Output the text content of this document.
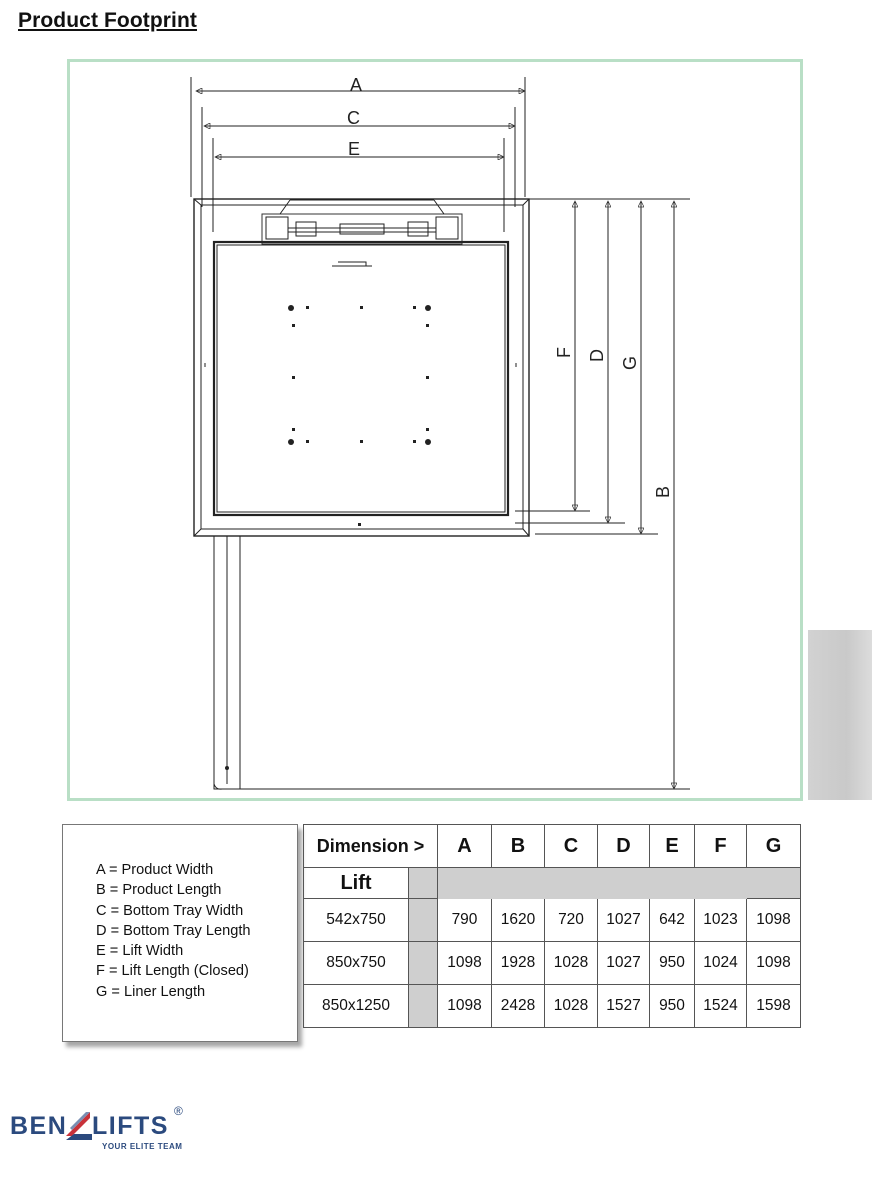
Product Footprint
A
C
E
F D
G
B
A = Product Width
B = Product Length
C = Bottom Tray Width
D = Bottom Tray Length
E = Lift Width
F = Lift Length (Closed)
G = Liner Length
Dimension >		A	B	C	D	E	F	G
Lift								
542x750		790	1620	720	1027	642	1023	1098
850x750		1098	1928	1028	1027	950	1024	1098
850x1250		1098	2428	1028	1527	950	1524	1598
BEN LIFTS
®
YOUR ELITE TEAM
